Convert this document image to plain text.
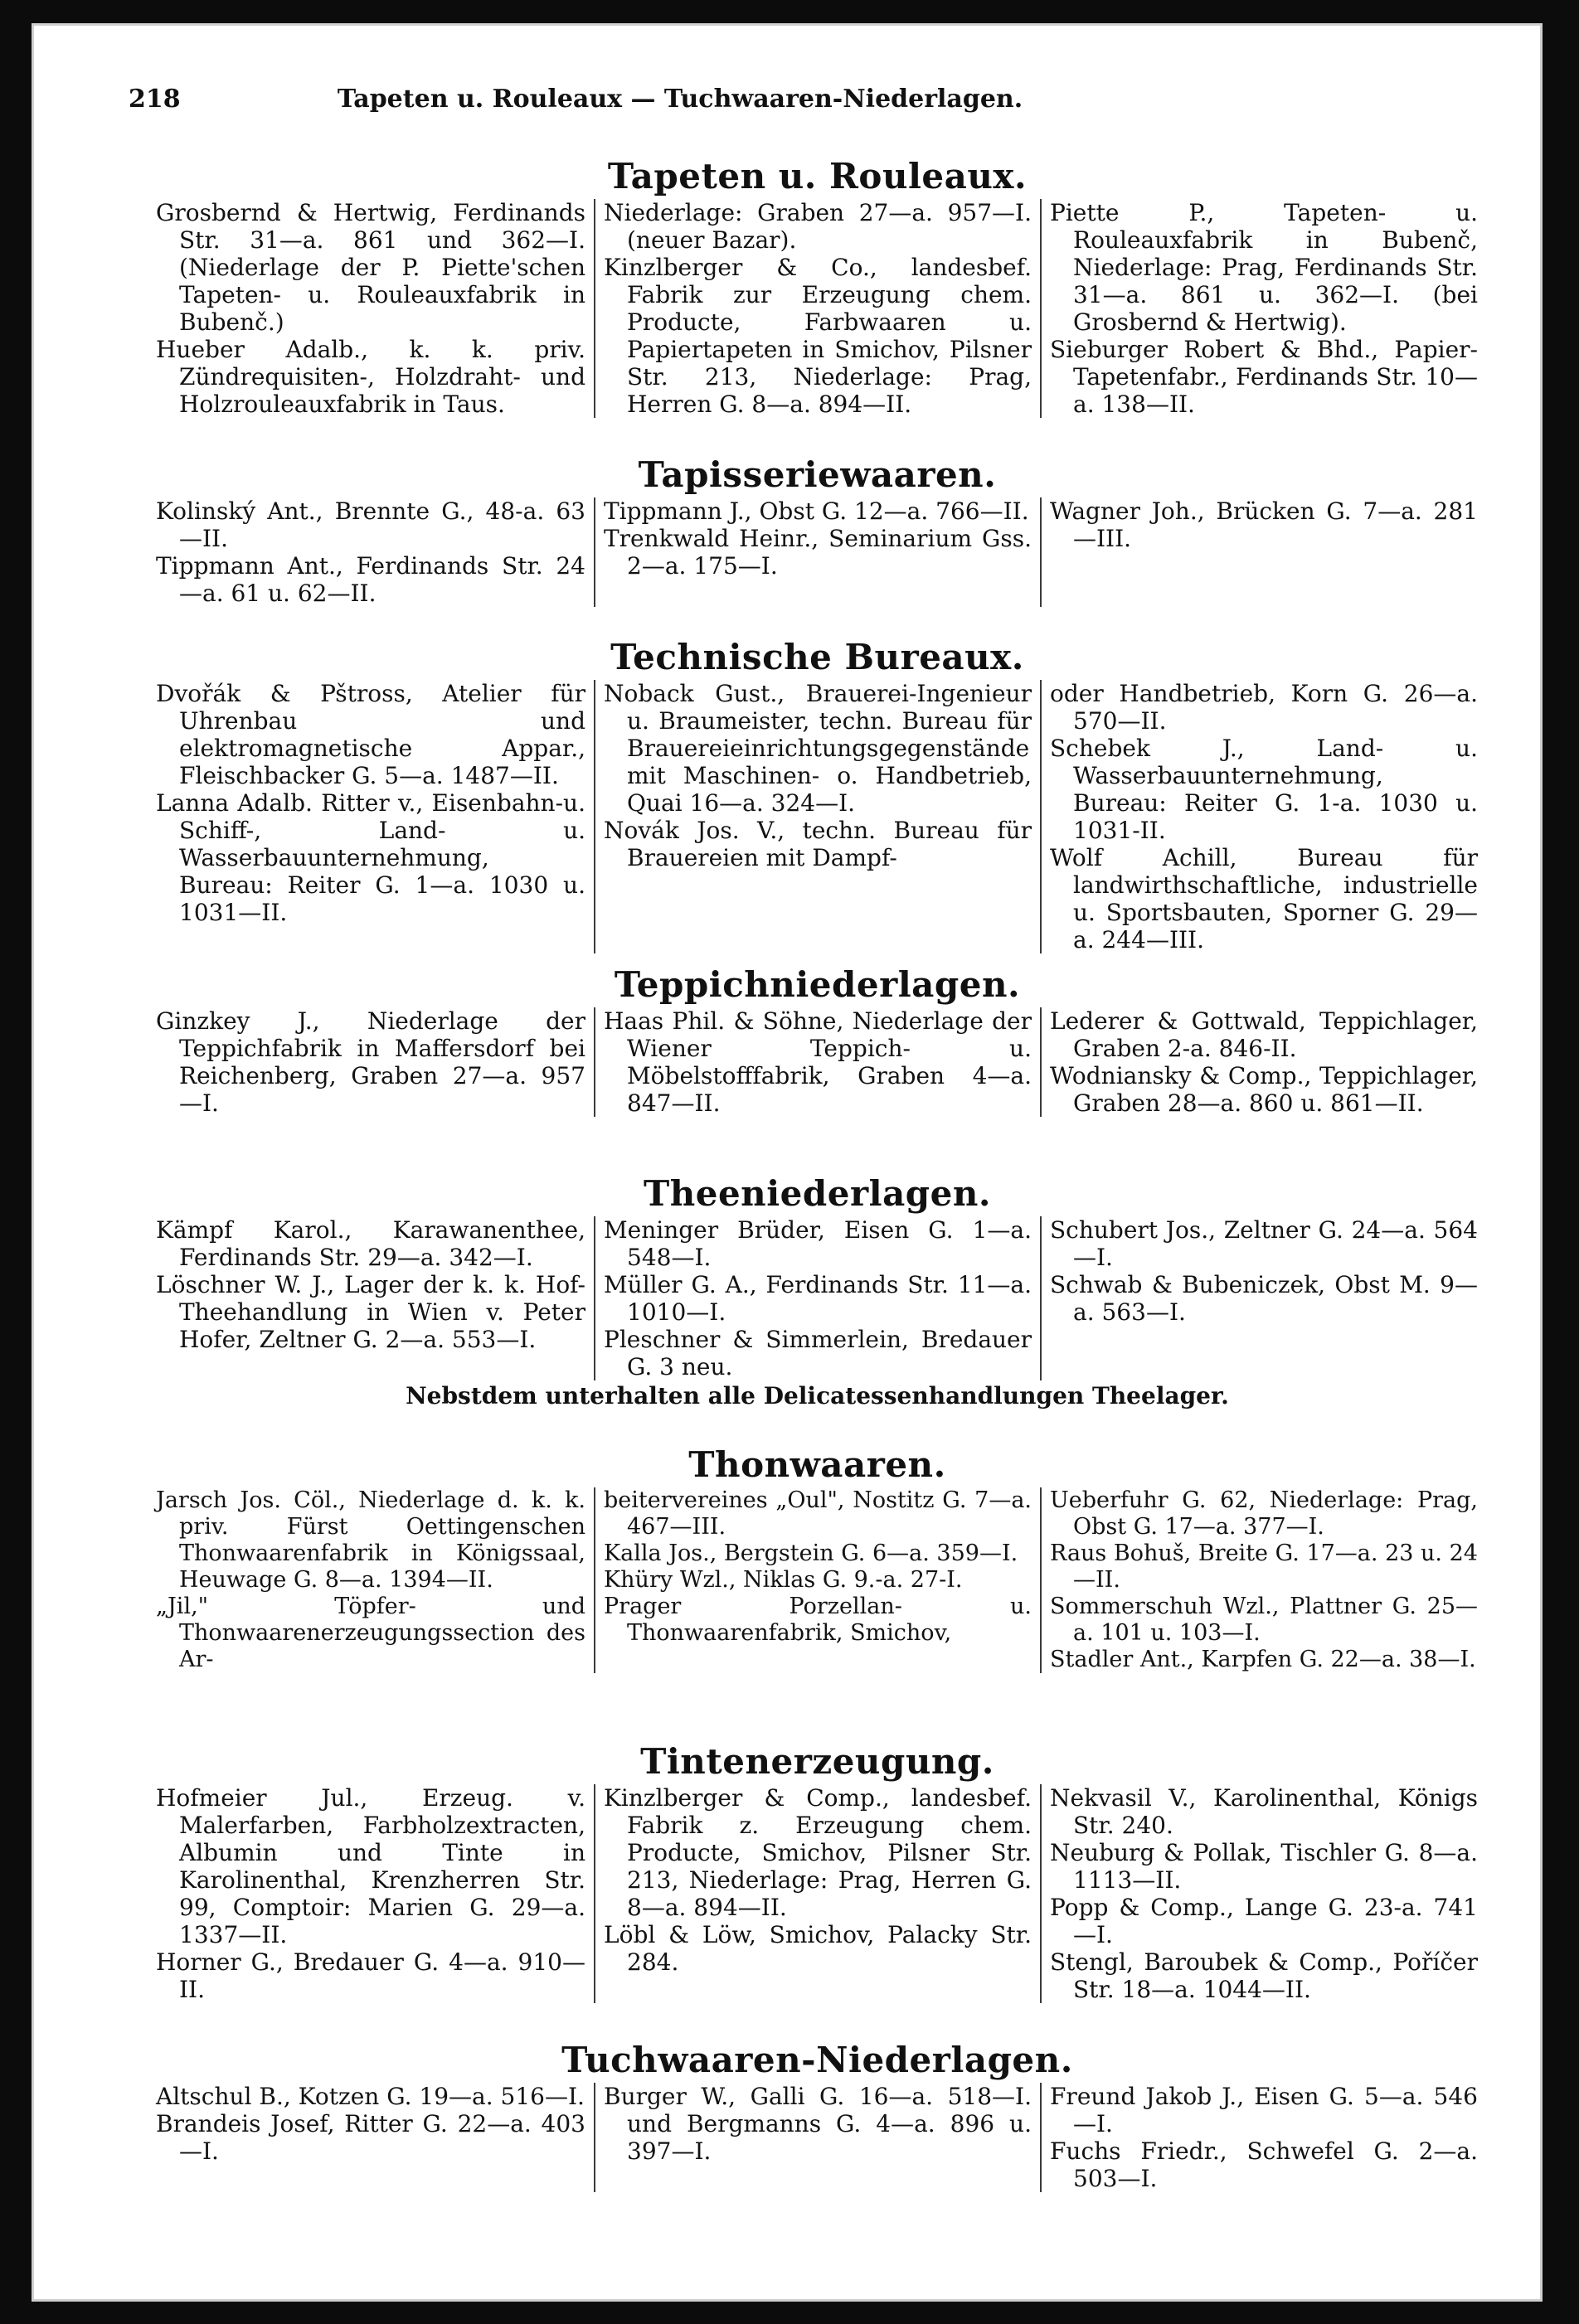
218	Tapeten u. Rouleaux — Tuchwaaren-Niederlagen.
Tapeten u. Rouleaux.

Grosbernd & Hertwig, Ferdinands Str. 31—a. 861 und 362—I. (Niederlage der P. Piette'schen Tapeten- u. Rouleauxfabrik in Bubenč.)

Hueber Adalb., k. k. priv. Zündrequisiten-, Holzdraht- und Holzrouleauxfabrik in Taus.

Niederlage: Graben 27—a. 957—I. (neuer Bazar).

Kinzlberger & Co., landesbef. Fabrik zur Erzeugung chem. Producte, Farbwaaren u. Papiertapeten in Smichov, Pilsner Str. 213, Niederlage: Prag, Herren G. 8—a. 894—II.

Piette P., Tapeten- u. Rouleauxfabrik in Bubenč, Niederlage: Prag, Ferdinands Str. 31—a. 861 u. 362—I. (bei Grosbernd & Hertwig).

Sieburger Robert & Bhd., Papier-Tapetenfabr., Ferdinands Str. 10—a. 138—II.

Tapisseriewaaren.

Kolinský Ant., Brennte G., 48-a. 63—II.

Tippmann Ant., Ferdinands Str. 24—a. 61 u. 62—II.

Tippmann J., Obst G. 12—a. 766—II.

Trenkwald Heinr., Seminarium Gss. 2—a. 175—I.

Wagner Joh., Brücken G. 7—a. 281—III.

Technische Bureaux.

Dvořák & Pštross, Atelier für Uhrenbau und elektromagnetische Appar., Fleischbacker G. 5—a. 1487—II.

Lanna Adalb. Ritter v., Eisenbahn-u. Schiff-, Land- u. Wasserbauunternehmung, Bureau: Reiter G. 1—a. 1030 u. 1031—II.

Noback Gust., Brauerei-Ingenieur u. Braumeister, techn. Bureau für Brauereieinrichtungsgegenstände mit Maschinen- o. Handbetrieb, Quai 16—a. 324—I.

Novák Jos. V., techn. Bureau für Brauereien mit Dampf-

oder Handbetrieb, Korn G. 26—a. 570—II.

Schebek J., Land- u. Wasserbauunternehmung, Bureau: Reiter G. 1-a. 1030 u. 1031-II.

Wolf Achill, Bureau für landwirthschaftliche, industrielle u. Sportsbauten, Sporner G. 29—a. 244—III.

Teppichniederlagen.

Ginzkey J., Niederlage der Teppichfabrik in Maffersdorf bei Reichenberg, Graben 27—a. 957—I.

Haas Phil. & Söhne, Niederlage der Wiener Teppich- u. Möbelstofffabrik, Graben 4—a. 847—II.

Lederer & Gottwald, Teppichlager, Graben 2-a. 846-II.

Wodniansky & Comp., Teppichlager, Graben 28—a. 860 u. 861—II.

Theeniederlagen.

Kämpf Karol., Karawanenthee, Ferdinands Str. 29—a. 342—I.

Löschner W. J., Lager der k. k. Hof-Theehandlung in Wien v. Peter Hofer, Zeltner G. 2—a. 553—I.

Meninger Brüder, Eisen G. 1—a. 548—I.

Müller G. A., Ferdinands Str. 11—a. 1010—I.

Pleschner & Simmerlein, Bredauer G. 3 neu.

Schubert Jos., Zeltner G. 24—a. 564—I.

Schwab & Bubeniczek, Obst M. 9—a. 563—I.

Nebstdem unterhalten alle Delicatessenhandlungen Theelager.
Thonwaaren.

Jarsch Jos. Cöl., Niederlage d. k. k. priv. Fürst Oettingenschen Thonwaarenfabrik in Königssaal, Heuwage G. 8—a. 1394—II.

„Jil," Töpfer- und Thonwaarenerzeugungssection des Ar-

beitervereines „Oul", Nostitz G. 7—a. 467—III.

Kalla Jos., Bergstein G. 6—a. 359—I.

Khüry Wzl., Niklas G. 9.-a. 27-I.

Prager Porzellan- u. Thonwaarenfabrik, Smichov,

Ueberfuhr G. 62, Niederlage: Prag, Obst G. 17—a. 377—I.

Raus Bohuš, Breite G. 17—a. 23 u. 24—II.

Sommerschuh Wzl., Plattner G. 25—a. 101 u. 103—I.

Stadler Ant., Karpfen G. 22—a. 38—I.

Tintenerzeugung.

Hofmeier Jul., Erzeug. v. Malerfarben, Farbholzextracten, Albumin und Tinte in Karolinenthal, Krenzherren Str. 99, Comptoir: Marien G. 29—a. 1337—II.

Horner G., Bredauer G. 4—a. 910—II.

Kinzlberger & Comp., landesbef. Fabrik z. Erzeugung chem. Producte, Smichov, Pilsner Str. 213, Niederlage: Prag, Herren G. 8—a. 894—II.

Löbl & Löw, Smichov, Palacky Str. 284.

Nekvasil V., Karolinenthal, Königs Str. 240.

Neuburg & Pollak, Tischler G. 8—a. 1113—II.

Popp & Comp., Lange G. 23-a. 741—I.

Stengl, Baroubek & Comp., Poříčer Str. 18—a. 1044—II.

Tuchwaaren-Niederlagen.

Altschul B., Kotzen G. 19—a. 516—I.

Brandeis Josef, Ritter G. 22—a. 403—I.

Burger W., Galli G. 16—a. 518—I. und Bergmanns G. 4—a. 896 u. 397—I.

Freund Jakob J., Eisen G. 5—a. 546—I.

Fuchs Friedr., Schwefel G. 2—a. 503—I.
